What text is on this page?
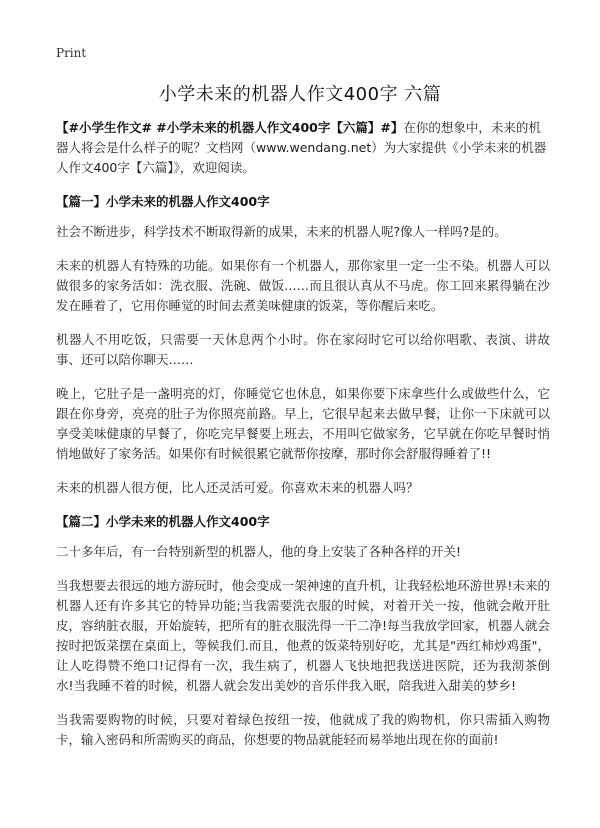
Print
小学未来的机器人作文400字 六篇

【#小学生作文# #小学未来的机器人作文400字【六篇】#】在你的想象中，未来的机器人将会是什么样子的呢？文档网（www.wendang.net）为大家提供《小学未来的机器人作文400字【六篇】》，欢迎阅读。

【篇一】小学未来的机器人作文400字

社会不断进步，科学技术不断取得新的成果，未来的机器人呢?像人一样吗?是的。

未来的机器人有特殊的功能。如果你有一个机器人，那你家里一定一尘不染。机器人可以做很多的家务活如：洗衣服、洗碗、做饭……而且很认真从不马虎。你工回来累得躺在沙发在睡着了，它用你睡觉的时间去煮美味健康的饭菜，等你醒后来吃。

机器人不用吃饭，只需要一天休息两个小时。你在家闷时它可以给你唱歌、表演、讲故事、还可以陪你聊天……

晚上，它肚子是一盏明亮的灯，你睡觉它也休息，如果你要下床拿些什么或做些什么，它跟在你身旁，亮亮的肚子为你照亮前路。早上，它很早起来去做早餐，让你一下床就可以享受美味健康的早餐了，你吃完早餐要上班去，不用叫它做家务，它早就在你吃早餐时悄悄地做好了家务活。如果你有时候很累它就帮你按摩，那时你会舒服得睡着了!!

未来的机器人很方便，比人还灵活可爱。你喜欢未来的机器人吗？

【篇二】小学未来的机器人作文400字

二十多年后，有一台特别新型的机器人，他的身上安装了各种各样的开关!

当我想要去很远的地方游玩时，他会变成一架神速的直升机，让我轻松地环游世界!未来的机器人还有许多其它的特异功能;当我需要洗衣服的时候，对着开关一按，他就会敞开肚皮，容纳脏衣服，开始旋转，把所有的脏衣服洗得一干二净!每当我放学回家，机器人就会按时把饭菜摆在桌面上，等候我们.而且，他煮的饭菜特别好吃，尤其是"西红柿炒鸡蛋"，让人吃得赞不绝口!记得有一次，我生病了，机器人飞快地把我送进医院，还为我沏茶倒水!当我睡不着的时候，机器人就会发出美妙的音乐伴我入眠，陪我进入甜美的梦乡!

当我需要购物的时候，只要对着绿色按纽一按，他就成了我的购物机，你只需插入购物卡，输入密码和所需购买的商品，你想要的物品就能轻而易举地出现在你的面前!
